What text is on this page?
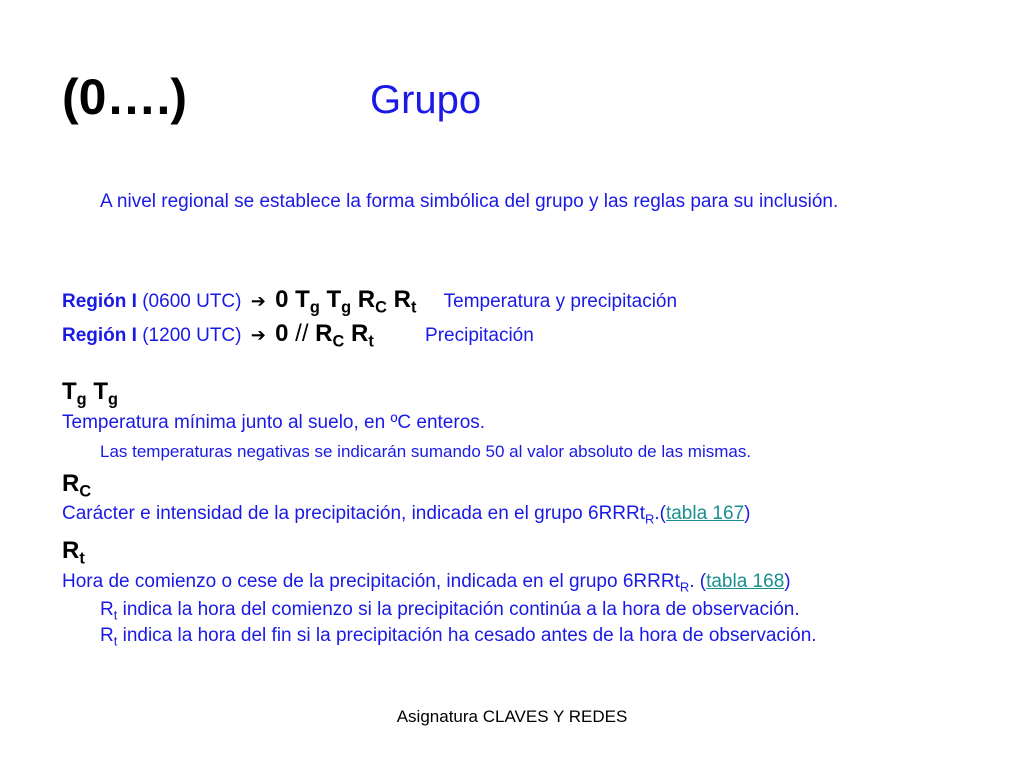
(0….)	Grupo
A nivel regional se establece la forma simbólica del grupo y las reglas para su inclusión.
Región I (0600 UTC) ➔ 0 $T_g$ $T_g$ $R_C$ $R_t$ Temperatura y precipitación
Región I (1200 UTC) ➔ $0 // R_C$ $R_t$	Precipitación
$T_g$ $T_g$
Temperatura mínima junto al suelo, en ºC enteros.
Las temperaturas negativas se indicarán sumando 50 al valor absoluto de las mismas.
$R_C$
Carácter e intensidad de la precipitación, indicada en el grupo 6RRRt$_R$.(tabla 167)
$R_t$
Hora de comienzo o cese de la precipitación, indicada en el grupo 6RRRt$_R$. (tabla 168)
$R_t$ indica la hora del comienzo si la precipitación continúa a la hora de observación.
$R_t$ indica la hora del fin si la precipitación ha cesado antes de la hora de observación.
Asignatura CLAVES Y REDES
